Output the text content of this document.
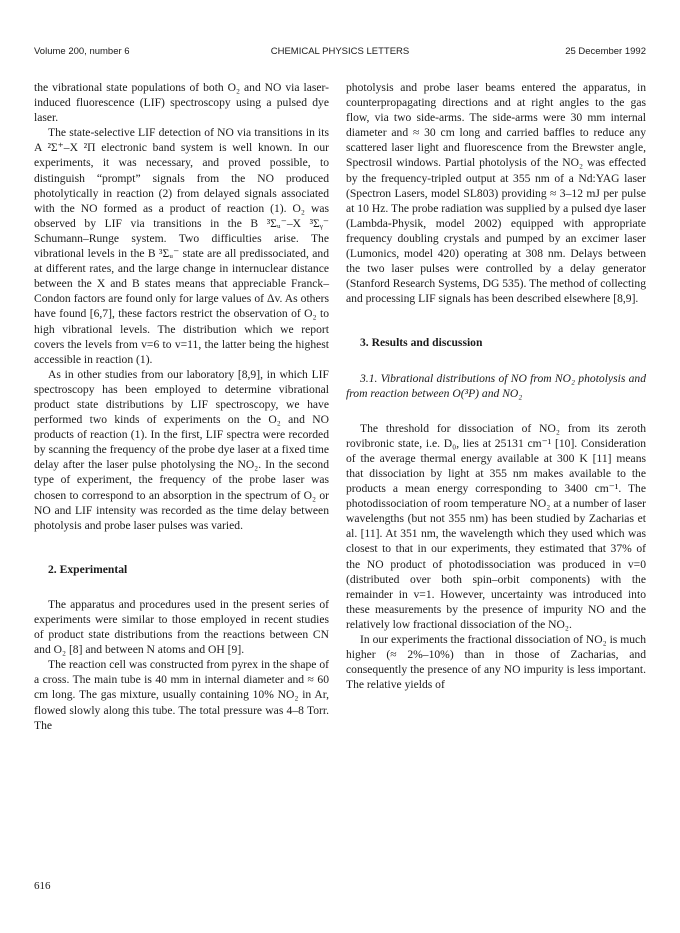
Volume 200, number 6	CHEMICAL PHYSICS LETTERS	25 December 1992

the vibrational state populations of both O₂ and NO via laser-induced fluorescence (LIF) spectroscopy using a pulsed dye laser.

The state-selective LIF detection of NO via transitions in its A ²Σ⁺–X ²Π electronic band system is well known. In our experiments, it was necessary, and proved possible, to distinguish “prompt” signals from the NO produced photolytically in reaction (2) from delayed signals associated with the NO formed as a product of reaction (1). O₂ was observed by LIF via transitions in the B ³Σᵤ⁻–X ³Σᵧ⁻ Schumann–Runge system. Two difficulties arise. The vibrational levels in the B ³Σᵤ⁻ state are all predissociated, and at different rates, and the large change in internuclear distance between the X and B states means that appreciable Franck–Condon factors are found only for large values of Δv. As others have found [6,7], these factors restrict the observation of O₂ to high vibrational levels. The distribution which we report covers the levels from v=6 to v=11, the latter being the highest accessible in reaction (1).

As in other studies from our laboratory [8,9], in which LIF spectroscopy has been employed to determine vibrational product state distributions by LIF spectroscopy, we have performed two kinds of experiments on the O₂ and NO products of reaction (1). In the first, LIF spectra were recorded by scanning the frequency of the probe dye laser at a fixed time delay after the laser pulse photolysing the NO₂. In the second type of experiment, the frequency of the probe laser was chosen to correspond to an absorption in the spectrum of O₂ or NO and LIF intensity was recorded as the time delay between photolysis and probe laser pulses was varied.

2. Experimental

The apparatus and procedures used in the present series of experiments were similar to those employed in recent studies of product state distributions from the reactions between CN and O₂ [8] and between N atoms and OH [9].

The reaction cell was constructed from pyrex in the shape of a cross. The main tube is 40 mm in internal diameter and ≈ 60 cm long. The gas mixture, usually containing 10% NO₂ in Ar, flowed slowly along this tube. The total pressure was 4–8 Torr. The

photolysis and probe laser beams entered the apparatus, in counterpropagating directions and at right angles to the gas flow, via two side-arms. The side-arms were 30 mm internal diameter and ≈ 30 cm long and carried baffles to reduce any scattered laser light and fluorescence from the Brewster angle, Spectrosil windows. Partial photolysis of the NO₂ was effected by the frequency-tripled output at 355 nm of a Nd:YAG laser (Spectron Lasers, model SL803) providing ≈ 3–12 mJ per pulse at 10 Hz. The probe radiation was supplied by a pulsed dye laser (Lambda-Physik, model 2002) equipped with appropriate frequency doubling crystals and pumped by an excimer laser (Lumonics, model 420) operating at 308 nm. Delays between the two laser pulses were controlled by a delay generator (Stanford Research Systems, DG 535). The method of collecting and processing LIF signals has been described elsewhere [8,9].

3. Results and discussion

3.1. Vibrational distributions of NO from NO₂ photolysis and from reaction between O(³P) and NO₂

The threshold for dissociation of NO₂ from its zeroth rovibronic state, i.e. D₀, lies at 25131 cm⁻¹ [10]. Consideration of the average thermal energy available at 300 K [11] means that dissociation by light at 355 nm makes available to the products a mean energy corresponding to 3400 cm⁻¹. The photodissociation of room temperature NO₂ at a number of laser wavelengths (but not 355 nm) has been studied by Zacharias et al. [11]. At 351 nm, the wavelength which they used which was closest to that in our experiments, they estimated that 37% of the NO product of photodissociation was produced in v=0 (distributed over both spin–orbit components) with the remainder in v=1. However, uncertainty was introduced into these measurements by the presence of impurity NO and the relatively low fractional dissociation of the NO₂.

In our experiments the fractional dissociation of NO₂ is much higher (≈ 2%–10%) than in those of Zacharias, and consequently the presence of any NO impurity is less important. The relative yields of

616
